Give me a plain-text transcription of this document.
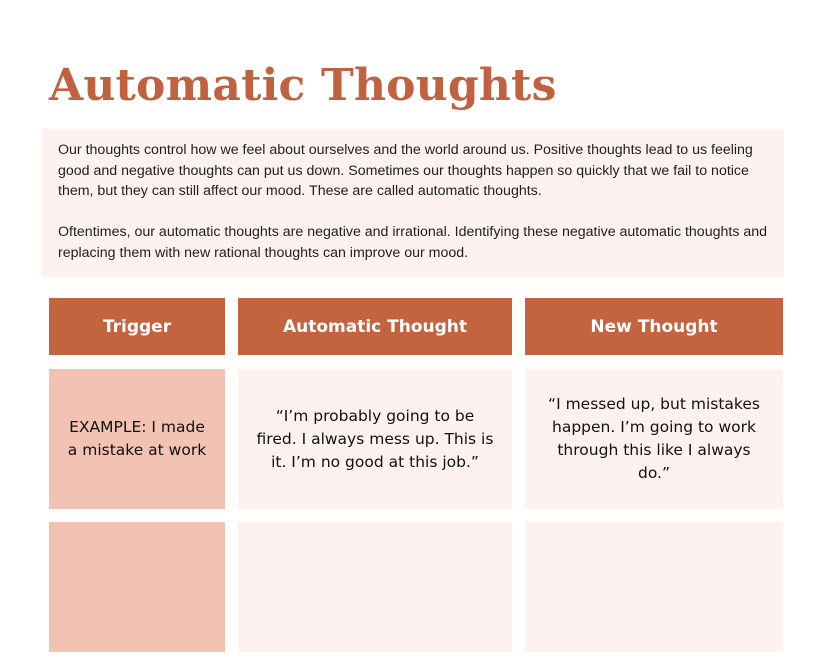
Automatic Thoughts

Our thoughts control how we feel about ourselves and the world around us. Positive thoughts lead to us feeling good and negative thoughts can put us down. Sometimes our thoughts happen so quickly that we fail to notice them, but they can still affect our mood. These are called automatic thoughts.

Oftentimes, our automatic thoughts are negative and irrational. Identifying these negative automatic thoughts and replacing them with new rational thoughts can improve our mood.

Trigger	Automatic Thought	New Thought
EXAMPLE: I made a mistake at work
“I’m probably going to be fired. I always mess up. This is it. I’m no good at this job.”
“I messed up, but mistakes happen. I’m going to work through this like I always do.”
